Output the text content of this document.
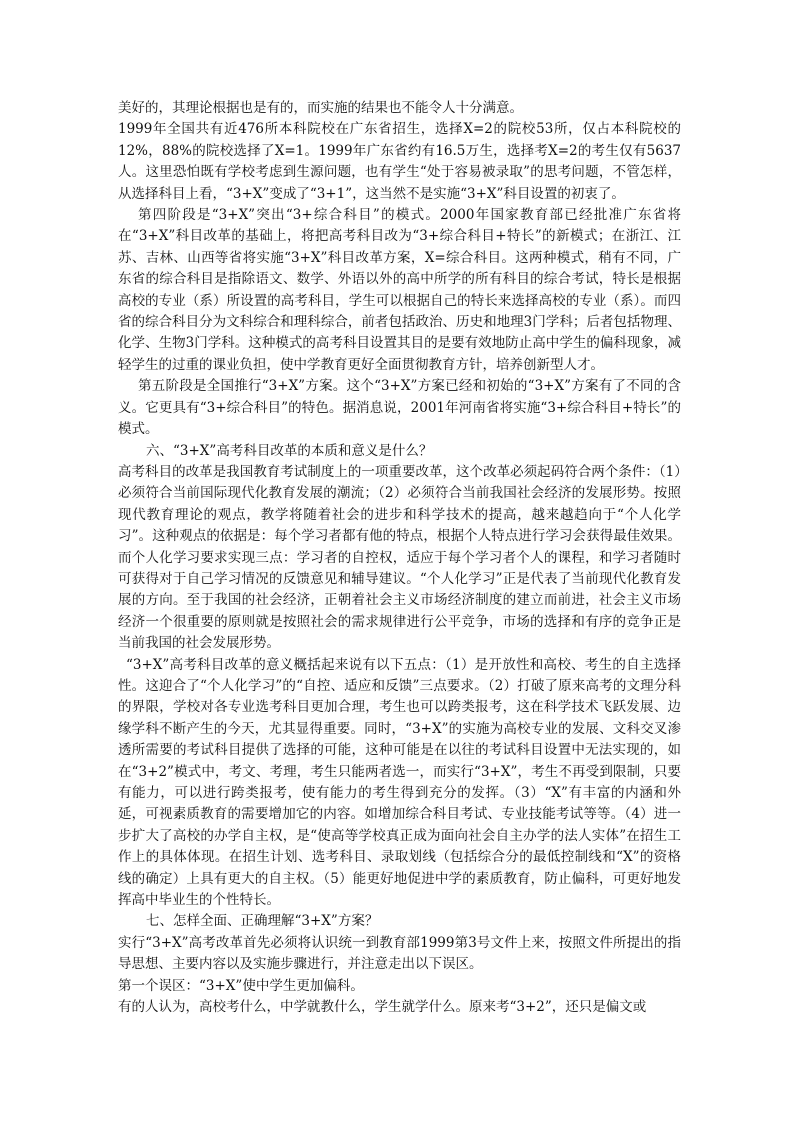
美好的，其理论根据也是有的，而实施的结果也不能令人十分满意。

1999年全国共有近476所本科院校在广东省招生，选择X=2的院校53所，仅占本科院校的12%，88%的院校选择了X=1。1999年广东省约有16.5万生，选择考X=2的考生仅有5637人。这里恐怕既有学校考虑到生源问题，也有学生“处于容易被录取”的思考问题，不管怎样，从选择科目上看，“3+X”变成了“3+1”，这当然不是实施“3+X”科目设置的初衷了。

第四阶段是“3+X”突出“3+综合科目”的模式。2000年国家教育部已经批准广东省将在“3+X”科目改革的基础上，将把高考科目改为“3+综合科目+特长”的新模式；在浙江、江苏、吉林、山西等省将实施“3+X”科目改革方案，X=综合科目。这两种模式，稍有不同，广东省的综合科目是指除语文、数学、外语以外的高中所学的所有科目的综合考试，特长是根据高校的专业（系）所设置的高考科目，学生可以根据自己的特长来选择高校的专业（系）。而四省的综合科目分为文科综合和理科综合，前者包括政治、历史和地理3门学科；后者包括物理、化学、生物3门学科。这种模式的高考科目设置其目的是要有效地防止高中学生的偏科现象，减轻学生的过重的课业负担，使中学教育更好全面贯彻教育方针，培养创新型人才。

第五阶段是全国推行“3+X”方案。这个“3+X”方案已经和初始的“3+X”方案有了不同的含义。它更具有“3+综合科目”的特色。据消息说，2001年河南省将实施“3+综合科目+特长”的模式。

六、“3+X”高考科目改革的本质和意义是什么？

高考科目的改革是我国教育考试制度上的一项重要改革，这个改革必须起码符合两个条件：（1）必须符合当前国际现代化教育发展的潮流；（2）必须符合当前我国社会经济的发展形势。按照现代教育理论的观点，教学将随着社会的进步和科学技术的提高，越来越趋向于“个人化学习”。这种观点的依据是：每个学习者都有他的特点，根据个人特点进行学习会获得最佳效果。而个人化学习要求实现三点：学习者的自控权，适应于每个学习者个人的课程，和学习者随时可获得对于自己学习情况的反馈意见和辅导建议。“个人化学习”正是代表了当前现代化教育发展的方向。至于我国的社会经济，正朝着社会主义市场经济制度的建立而前进，社会主义市场经济一个很重要的原则就是按照社会的需求规律进行公平竞争，市场的选择和有序的竞争正是当前我国的社会发展形势。

“3+X”高考科目改革的意义概括起来说有以下五点：（1）是开放性和高校、考生的自主选择性。这迎合了“个人化学习”的“自控、适应和反馈”三点要求。（2）打破了原来高考的文理分科的界限，学校对各专业选考科目更加合理，考生也可以跨类报考，这在科学技术飞跃发展、边缘学科不断产生的今天，尤其显得重要。同时，“3+X”的实施为高校专业的发展、文科交叉渗透所需要的考试科目提供了选择的可能，这种可能是在以往的考试科目设置中无法实现的，如在“3+2”模式中，考文、考理，考生只能两者选一，而实行“3+X”，考生不再受到限制，只要有能力，可以进行跨类报考，使有能力的考生得到充分的发挥。（3）“X”有丰富的内涵和外延，可视素质教育的需要增加它的内容。如增加综合科目考试、专业技能考试等等。（4）进一步扩大了高校的办学自主权，是“使高等学校真正成为面向社会自主办学的法人实体”在招生工作上的具体体现。在招生计划、选考科目、录取划线（包括综合分的最低控制线和“X”的资格线的确定）上具有更大的自主权。（5）能更好地促进中学的素质教育，防止偏科，可更好地发挥高中毕业生的个性特长。

七、怎样全面、正确理解“3+X”方案？

实行“3+X”高考改革首先必须将认识统一到教育部1999第3号文件上来，按照文件所提出的指导思想、主要内容以及实施步骤进行，并注意走出以下误区。

第一个误区：“3+X”使中学生更加偏科。

有的人认为，高校考什么，中学就教什么，学生就学什么。原来考“3+2”，还只是偏文或
